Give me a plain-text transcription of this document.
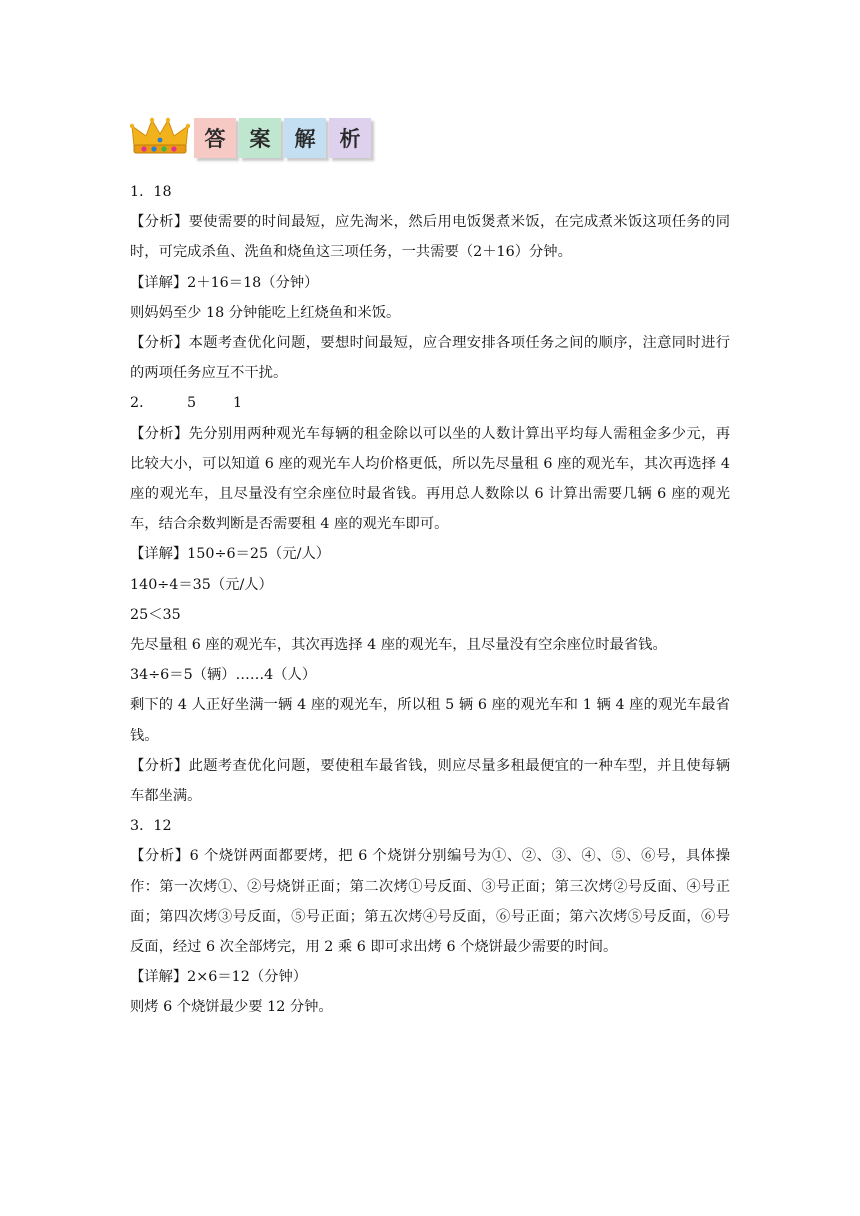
答	案	解	析

1．18

【分析】要使需要的时间最短，应先淘米，然后用电饭煲煮米饭，在完成煮米饭这项任务的同时，可完成杀鱼、洗鱼和烧鱼这三项任务，一共需要（2＋16）分钟。

【详解】2＋16＝18（分钟）

则妈妈至少 18 分钟能吃上红烧鱼和米饭。

【分析】本题考查优化问题，要想时间最短，应合理安排各项任务之间的顺序，注意同时进行的两项任务应互不干扰。

2． 5	1

【分析】先分别用两种观光车每辆的租金除以可以坐的人数计算出平均每人需租金多少元，再比较大小，可以知道 6 座的观光车人均价格更低，所以先尽量租 6 座的观光车，其次再选择 4 座的观光车，且尽量没有空余座位时最省钱。再用总人数除以 6 计算出需要几辆 6 座的观光车，结合余数判断是否需要租 4 座的观光车即可。

【详解】150÷6＝25（元/人）

140÷4＝35（元/人）

25＜35

先尽量租 6 座的观光车，其次再选择 4 座的观光车，且尽量没有空余座位时最省钱。

34÷6＝5（辆）……4（人）

剩下的 4 人正好坐满一辆 4 座的观光车，所以租 5 辆 6 座的观光车和 1 辆 4 座的观光车最省钱。

【分析】此题考查优化问题，要使租车最省钱，则应尽量多租最便宜的一种车型，并且使每辆车都坐满。

3．12

【分析】6 个烧饼两面都要烤，把 6 个烧饼分别编号为①、②、③、④、⑤、⑥号，具体操作：第一次烤①、②号烧饼正面；第二次烤①号反面、③号正面；第三次烤②号反面、④号正面；第四次烤③号反面，⑤号正面；第五次烤④号反面，⑥号正面；第六次烤⑤号反面，⑥号反面，经过 6 次全部烤完，用 2 乘 6 即可求出烤 6 个烧饼最少需要的时间。

【详解】2×6＝12（分钟）

则烤 6 个烧饼最少要 12 分钟。
